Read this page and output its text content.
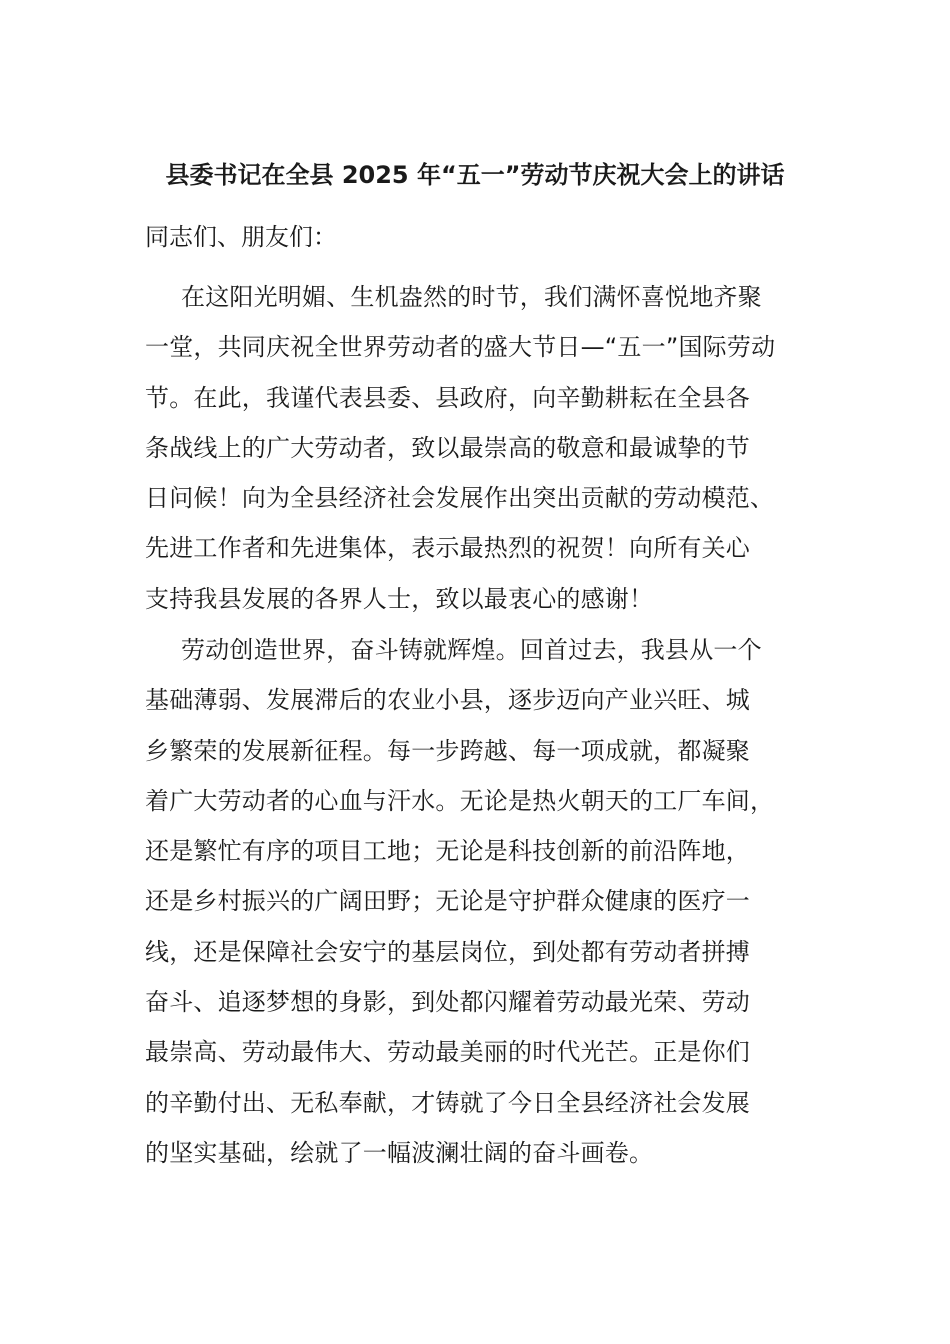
县委书记在全县 2025 年“五一”劳动节庆祝大会上的讲话
同志们、朋友们：
在这阳光明媚、生机盎然的时节，我们满怀喜悦地齐聚
一堂，共同庆祝全世界劳动者的盛大节日—“五一”国际劳动
节。在此，我谨代表县委、县政府，向辛勤耕耘在全县各
条战线上的广大劳动者，致以最崇高的敬意和最诚挚的节
日问候！向为全县经济社会发展作出突出贡献的劳动模范、
先进工作者和先进集体，表示最热烈的祝贺！向所有关心
支持我县发展的各界人士，致以最衷心的感谢！
劳动创造世界，奋斗铸就辉煌。回首过去，我县从一个
基础薄弱、发展滞后的农业小县，逐步迈向产业兴旺、城
乡繁荣的发展新征程。每一步跨越、每一项成就，都凝聚
着广大劳动者的心血与汗水。无论是热火朝天的工厂车间，
还是繁忙有序的项目工地；无论是科技创新的前沿阵地，
还是乡村振兴的广阔田野；无论是守护群众健康的医疗一
线，还是保障社会安宁的基层岗位，到处都有劳动者拼搏
奋斗、追逐梦想的身影，到处都闪耀着劳动最光荣、劳动
最崇高、劳动最伟大、劳动最美丽的时代光芒。正是你们
的辛勤付出、无私奉献，才铸就了今日全县经济社会发展
的坚实基础，绘就了一幅波澜壮阔的奋斗画卷。
